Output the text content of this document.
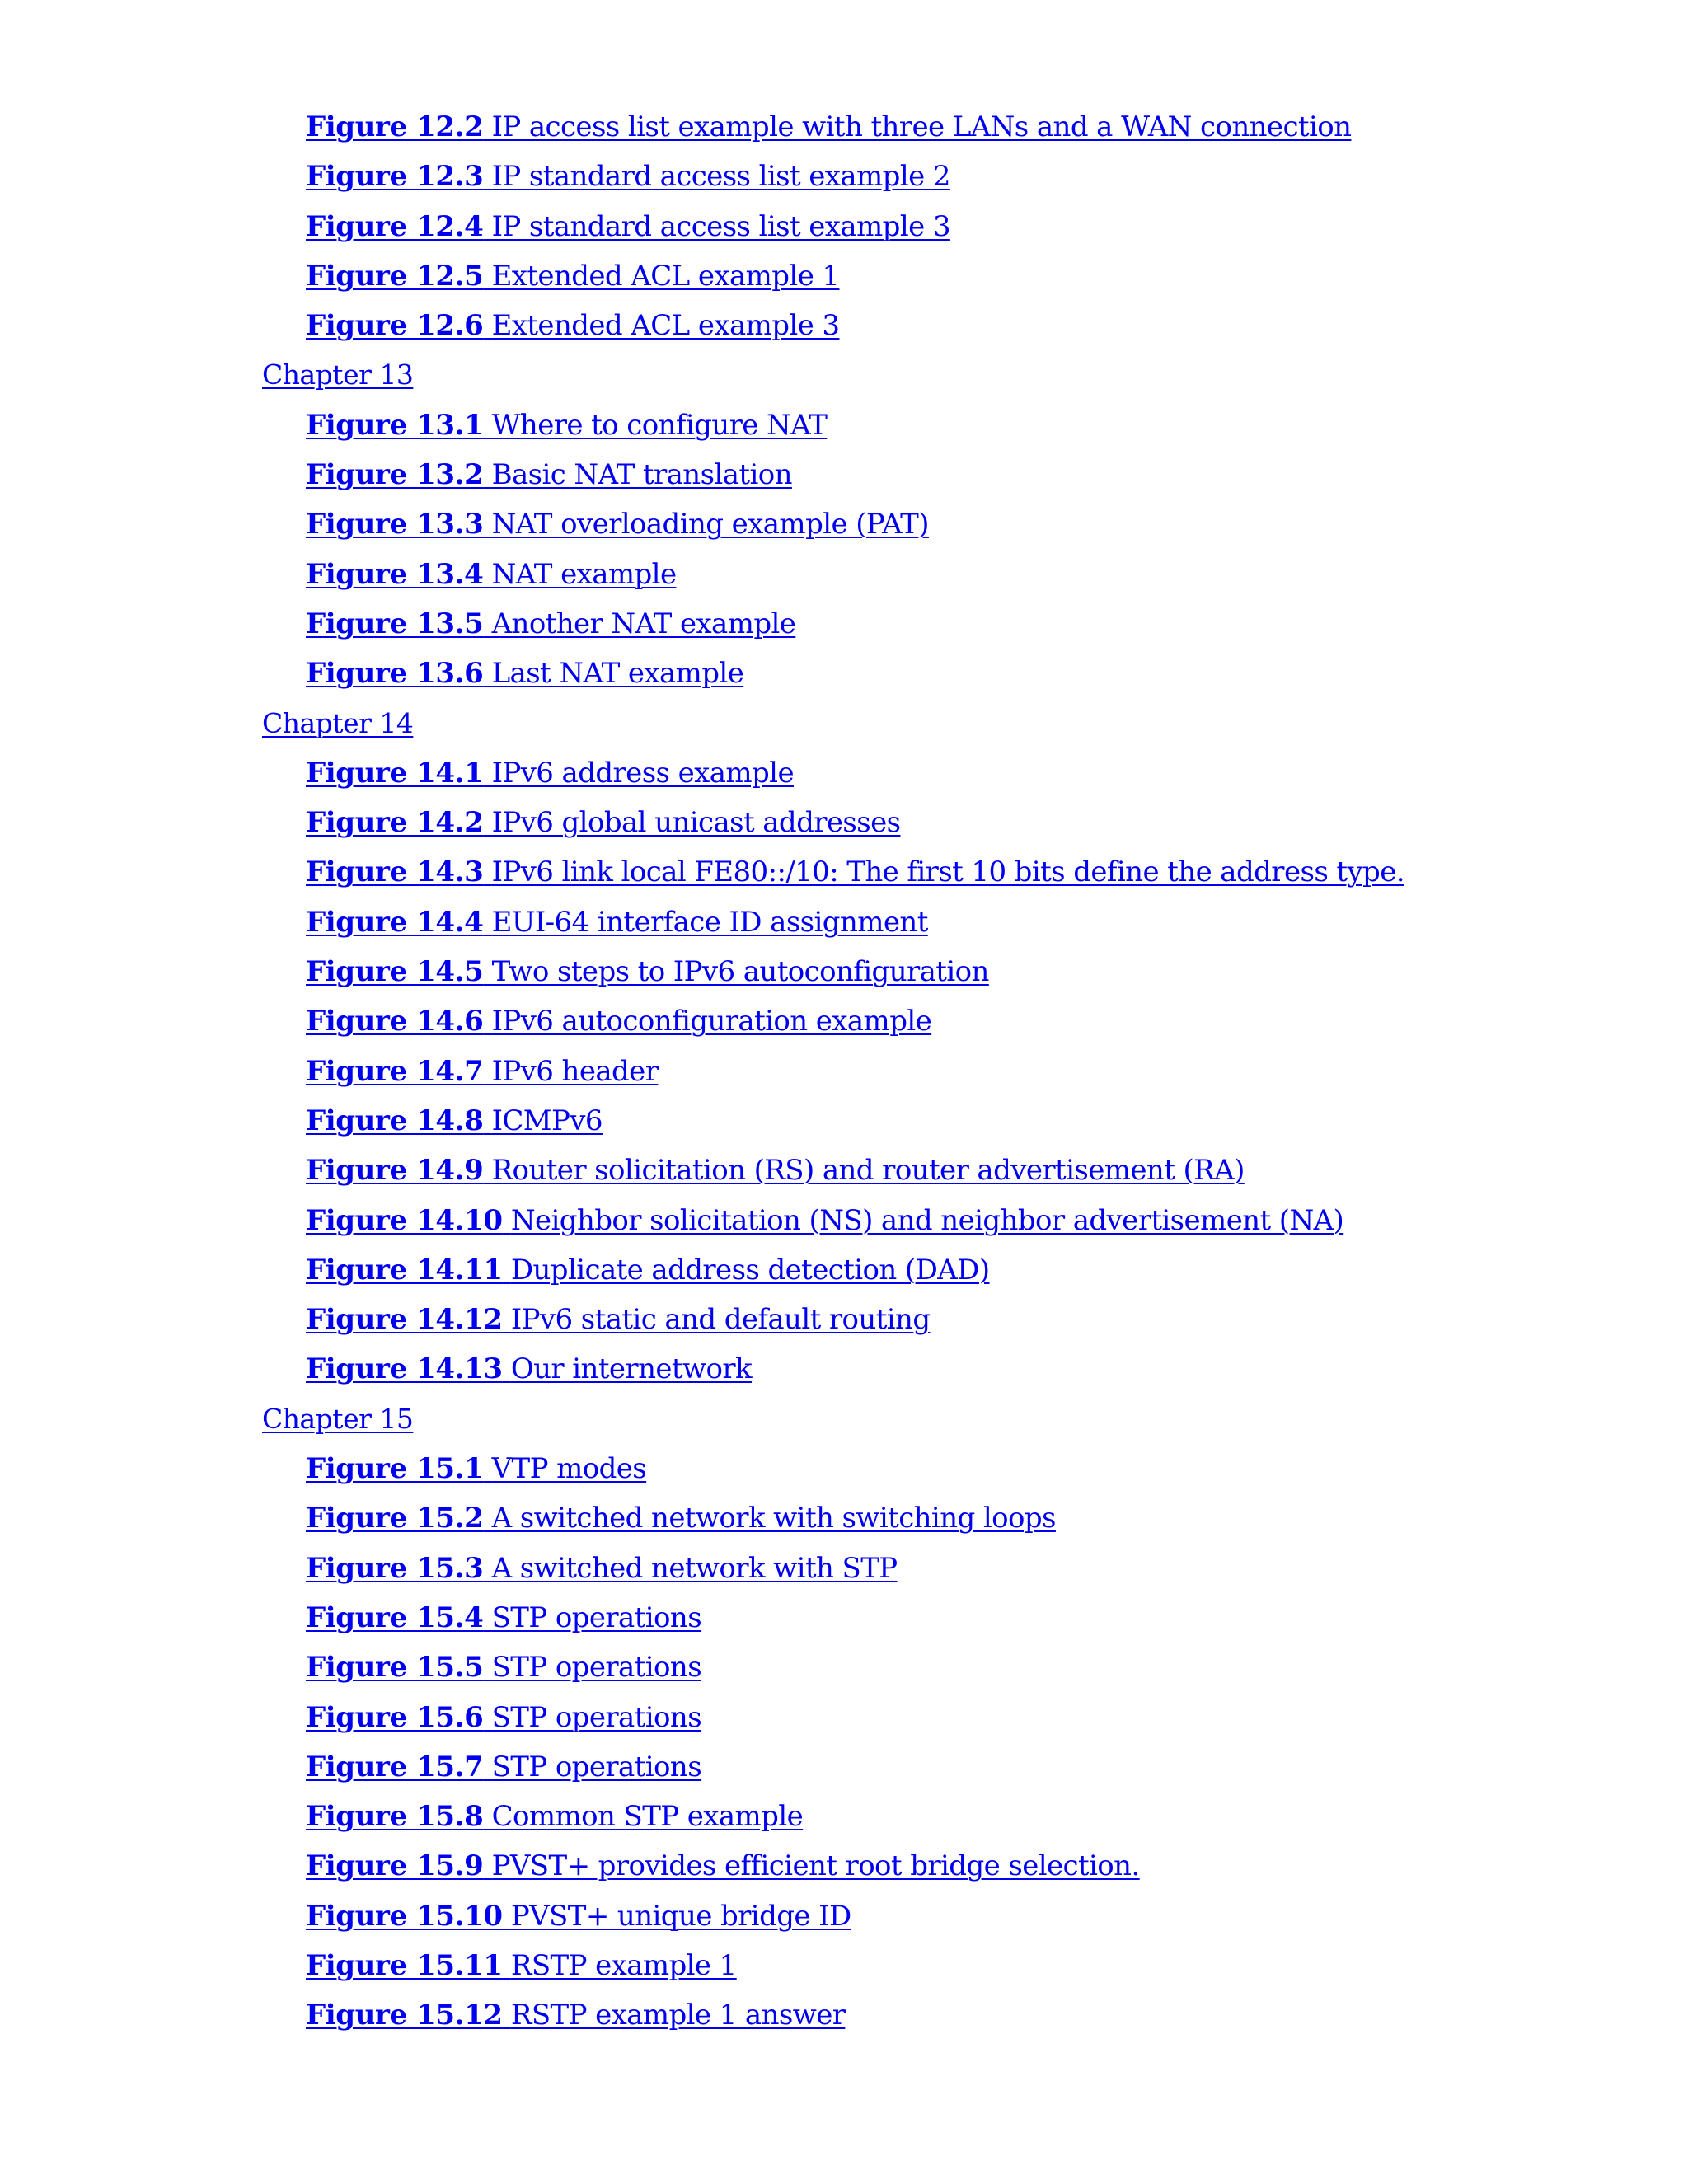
Figure 12.2 IP access list example with three LANs and a WAN connection
Figure 12.3 IP standard access list example 2
Figure 12.4 IP standard access list example 3
Figure 12.5 Extended ACL example 1
Figure 12.6 Extended ACL example 3
Chapter 13
Figure 13.1 Where to configure NAT
Figure 13.2 Basic NAT translation
Figure 13.3 NAT overloading example (PAT)
Figure 13.4 NAT example
Figure 13.5 Another NAT example
Figure 13.6 Last NAT example
Chapter 14
Figure 14.1 IPv6 address example
Figure 14.2 IPv6 global unicast addresses
Figure 14.3 IPv6 link local FE80::/10: The first 10 bits define the address type.
Figure 14.4 EUI-64 interface ID assignment
Figure 14.5 Two steps to IPv6 autoconfiguration
Figure 14.6 IPv6 autoconfiguration example
Figure 14.7 IPv6 header
Figure 14.8 ICMPv6
Figure 14.9 Router solicitation (RS) and router advertisement (RA)
Figure 14.10 Neighbor solicitation (NS) and neighbor advertisement (NA)
Figure 14.11 Duplicate address detection (DAD)
Figure 14.12 IPv6 static and default routing
Figure 14.13 Our internetwork
Chapter 15
Figure 15.1 VTP modes
Figure 15.2 A switched network with switching loops
Figure 15.3 A switched network with STP
Figure 15.4 STP operations
Figure 15.5 STP operations
Figure 15.6 STP operations
Figure 15.7 STP operations
Figure 15.8 Common STP example
Figure 15.9 PVST+ provides efficient root bridge selection.
Figure 15.10 PVST+ unique bridge ID
Figure 15.11 RSTP example 1
Figure 15.12 RSTP example 1 answer
